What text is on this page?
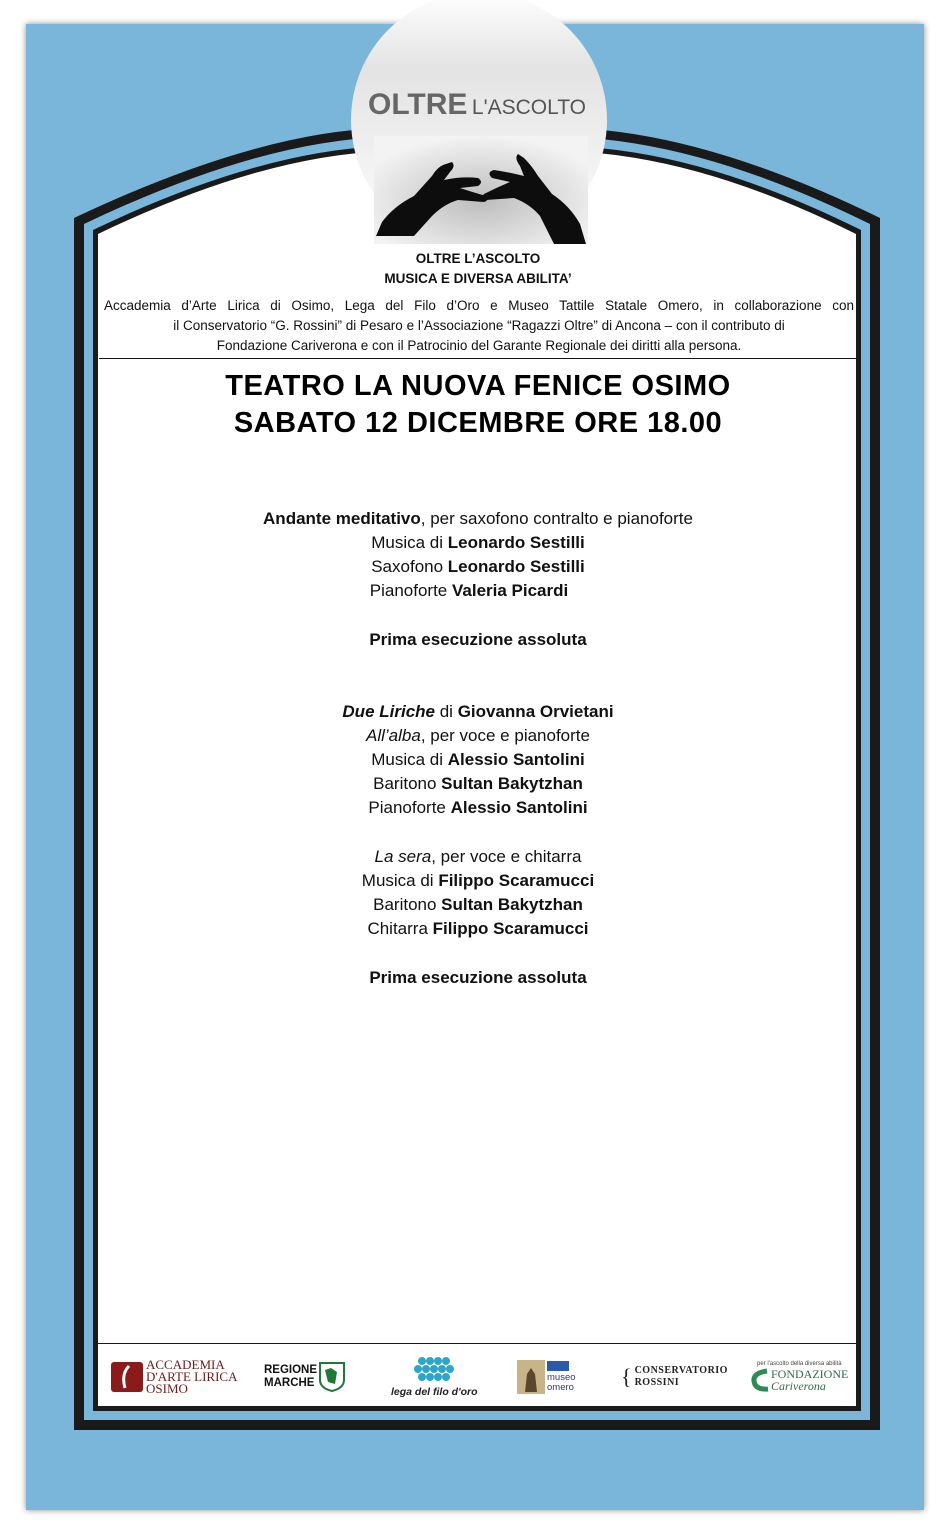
OLTRE L'ASCOLTO
OLTRE L’ASCOLTO
MUSICA E DIVERSA ABILITA’
Accademia d’Arte Lirica di Osimo, Lega del Filo d’Oro e Museo Tattile Statale Omero, in collaborazione con
il Conservatorio “G. Rossini” di Pesaro e l’Associazione “Ragazzi Oltre” di Ancona – con il contributo di
Fondazione Cariverona e con il Patrocinio del Garante Regionale dei diritti alla persona.
TEATRO LA NUOVA FENICE OSIMO
SABATO 12 DICEMBRE ORE 18.00
Andante meditativo, per saxofono contralto e pianoforte
Musica di Leonardo Sestilli
Saxofono Leonardo Sestilli
Pianoforte Valeria Picardi
Prima esecuzione assoluta
Due Liriche di Giovanna Orvietani
All’alba, per voce e pianoforte
Musica di Alessio Santolini
Baritono Sultan Bakytzhan
Pianoforte Alessio Santolini
La sera, per voce e chitarra
Musica di Filippo Scaramucci
Baritono Sultan Bakytzhan
Chitarra Filippo Scaramucci
Prima esecuzione assoluta
ACCADEMIA
D'ARTE LIRICA
OSIMO
REGIONE
MARCHE
lega del filo d'oro
museo
omero { CONSERVATORIO
ROSSINI
per l'ascolto della diversa abilità
FONDAZIONE
Cariverona
